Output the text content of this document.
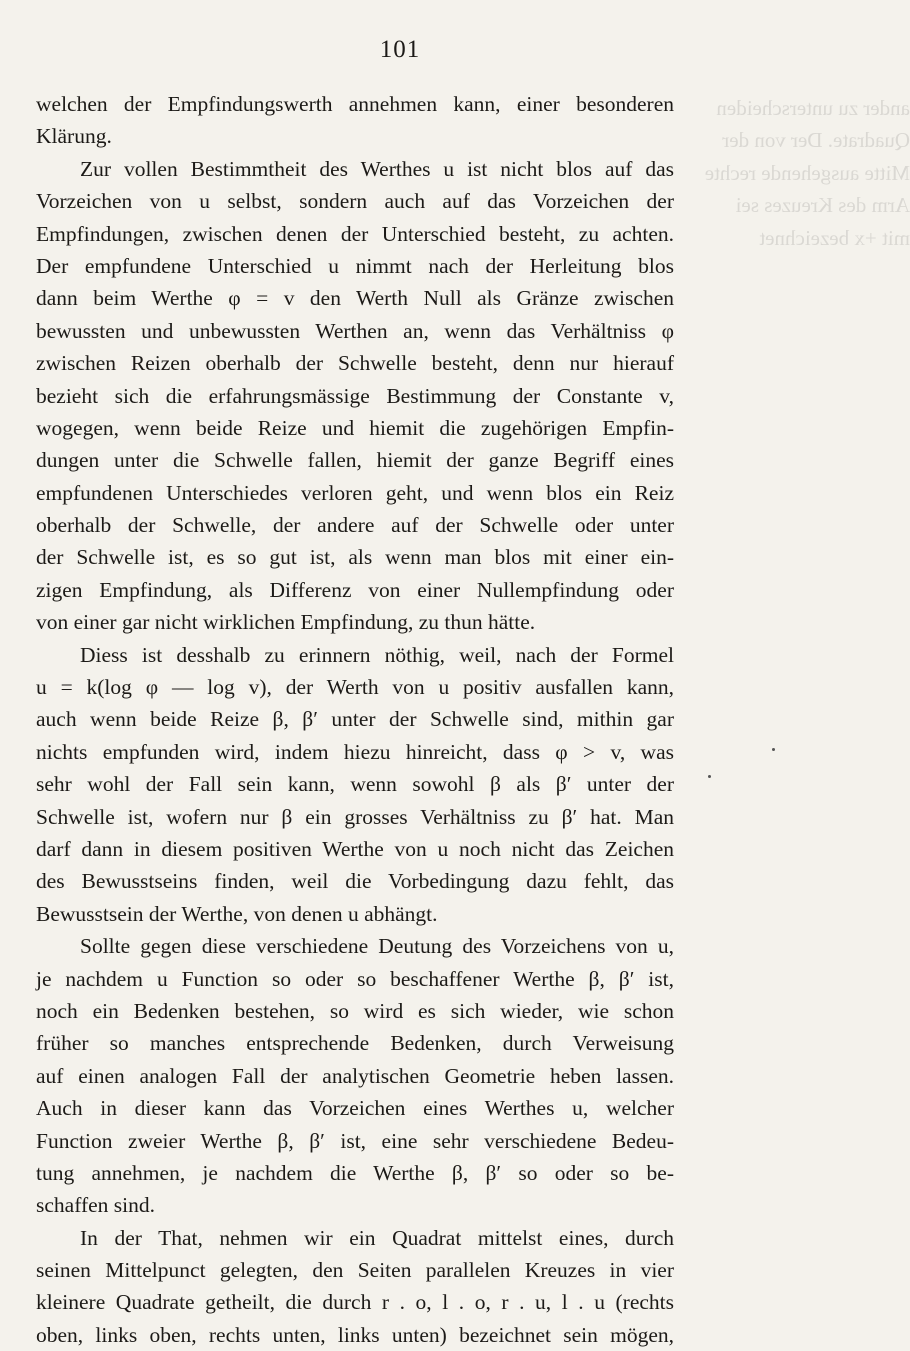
101
ander zu unterscheiden
Quadrate. Der von der
Mitte ausgehende rechte
Arm des Kreuzes sei
mit +x bezeichnet
welchen der Empfindungswerth annehmen kann, einer besonderen
Klärung.
Zur vollen Bestimmtheit des Werthes u ist nicht blos auf das
Vorzeichen von u selbst, sondern auch auf das Vorzeichen der
Empfindungen, zwischen denen der Unterschied besteht, zu achten.
Der empfundene Unterschied u nimmt nach der Herleitung blos
dann beim Werthe φ = v den Werth Null als Gränze zwischen
bewussten und unbewussten Werthen an, wenn das Verhältniss φ
zwischen Reizen oberhalb der Schwelle besteht, denn nur hierauf
bezieht sich die erfahrungsmässige Bestimmung der Constante v,
wogegen, wenn beide Reize und hiemit die zugehörigen Empfin-
dungen unter die Schwelle fallen, hiemit der ganze Begriff eines
empfundenen Unterschiedes verloren geht, und wenn blos ein Reiz
oberhalb der Schwelle, der andere auf der Schwelle oder unter
der Schwelle ist, es so gut ist, als wenn man blos mit einer ein-
zigen Empfindung, als Differenz von einer Nullempfindung oder
von einer gar nicht wirklichen Empfindung, zu thun hätte.
Diess ist desshalb zu erinnern nöthig, weil, nach der Formel
u = k(log φ — log v), der Werth von u positiv ausfallen kann,
auch wenn beide Reize β, β′ unter der Schwelle sind, mithin gar
nichts empfunden wird, indem hiezu hinreicht, dass φ > v, was
sehr wohl der Fall sein kann, wenn sowohl β als β′ unter der
Schwelle ist, wofern nur β ein grosses Verhältniss zu β′ hat. Man
darf dann in diesem positiven Werthe von u noch nicht das Zeichen
des Bewusstseins finden, weil die Vorbedingung dazu fehlt, das
Bewusstsein der Werthe, von denen u abhängt.
Sollte gegen diese verschiedene Deutung des Vorzeichens von u,
je nachdem u Function so oder so beschaffener Werthe β, β′ ist,
noch ein Bedenken bestehen, so wird es sich wieder, wie schon
früher so manches entsprechende Bedenken, durch Verweisung
auf einen analogen Fall der analytischen Geometrie heben lassen.
Auch in dieser kann das Vorzeichen eines Werthes u, welcher
Function zweier Werthe β, β′ ist, eine sehr verschiedene Bedeu-
tung annehmen, je nachdem die Werthe β, β′ so oder so be-
schaffen sind.
In der That, nehmen wir ein Quadrat mittelst eines, durch
seinen Mittelpunct gelegten, den Seiten parallelen Kreuzes in vier
kleinere Quadrate getheilt, die durch r . o, l . o, r . u, l . u (rechts
oben, links oben, rechts unten, links unten) bezeichnet sein mögen,
